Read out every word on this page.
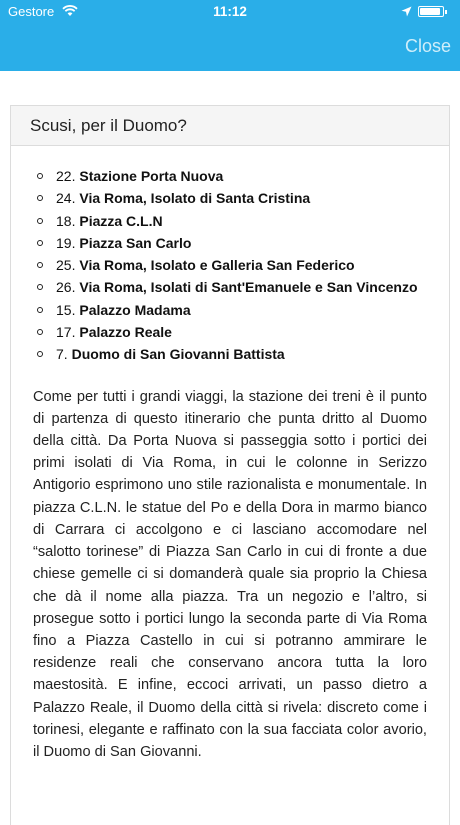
Gestore	11:12
Close
Scusi, per il Duomo?
22. Stazione Porta Nuova
24. Via Roma, Isolato di Santa Cristina
18. Piazza C.L.N
19. Piazza San Carlo
25. Via Roma, Isolato e Galleria San Federico
26. Via Roma, Isolati di Sant'Emanuele e San Vincenzo
15. Palazzo Madama
17. Palazzo Reale
7. Duomo di San Giovanni Battista

Come per tutti i grandi viaggi, la stazione dei treni è il punto di partenza di questo itinerario che punta dritto al Duomo della città. Da Porta Nuova si passeggia sotto i portici dei primi isolati di Via Roma, in cui le colonne in Serizzo Antigorio esprimono uno stile razionalista e monumentale. In piazza C.L.N. le statue del Po e della Dora in marmo bianco di Carrara ci accolgono e ci lasciano accomodare nel “salotto torinese” di Piazza San Carlo in cui di fronte a due chiese gemelle ci si domanderà quale sia proprio la Chiesa che dà il nome alla piazza. Tra un negozio e l’altro, si prosegue sotto i portici lungo la seconda parte di Via Roma fino a Piazza Castello in cui si potranno ammirare le residenze reali che conservano ancora tutta la loro maestosità. E infine, eccoci arrivati, un passo dietro a Palazzo Reale, il Duomo della città si rivela: discreto come i torinesi, elegante e raffinato con la sua facciata color avorio, il Duomo di San Giovanni.
